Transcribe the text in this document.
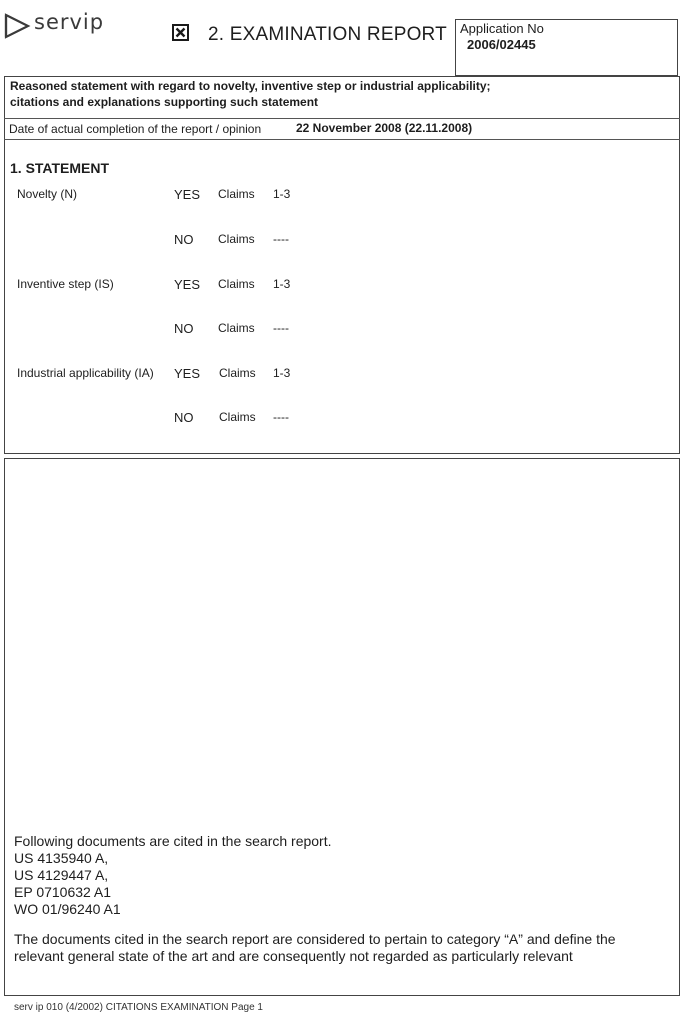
servip
2. EXAMINATION REPORT Application No
2006/02445
Reasoned statement with regard to novelty, inventive step or industrial applicability;
citations and explanations supporting such statement
Date of actual completion of the report / opinion	22 November 2008 (22.11.2008)
1. STATEMENT
Novelty (N)	YES Claims 1-3
NO Claims ----
Inventive step (IS)	YES Claims 1-3
NO Claims ----
Industrial applicability (IA) YES Claims 1-3
NO Claims ----
Following documents are cited in the search report.
US 4135940 A,
US 4129447 A,
EP 0710632 A1
WO 01/96240 A1
The documents cited in the search report are considered to pertain to category “A” and define the
relevant general state of the art and are consequently not regarded as particularly relevant
serv ip 010 (4/2002) CITATIONS EXAMINATION Page 1
